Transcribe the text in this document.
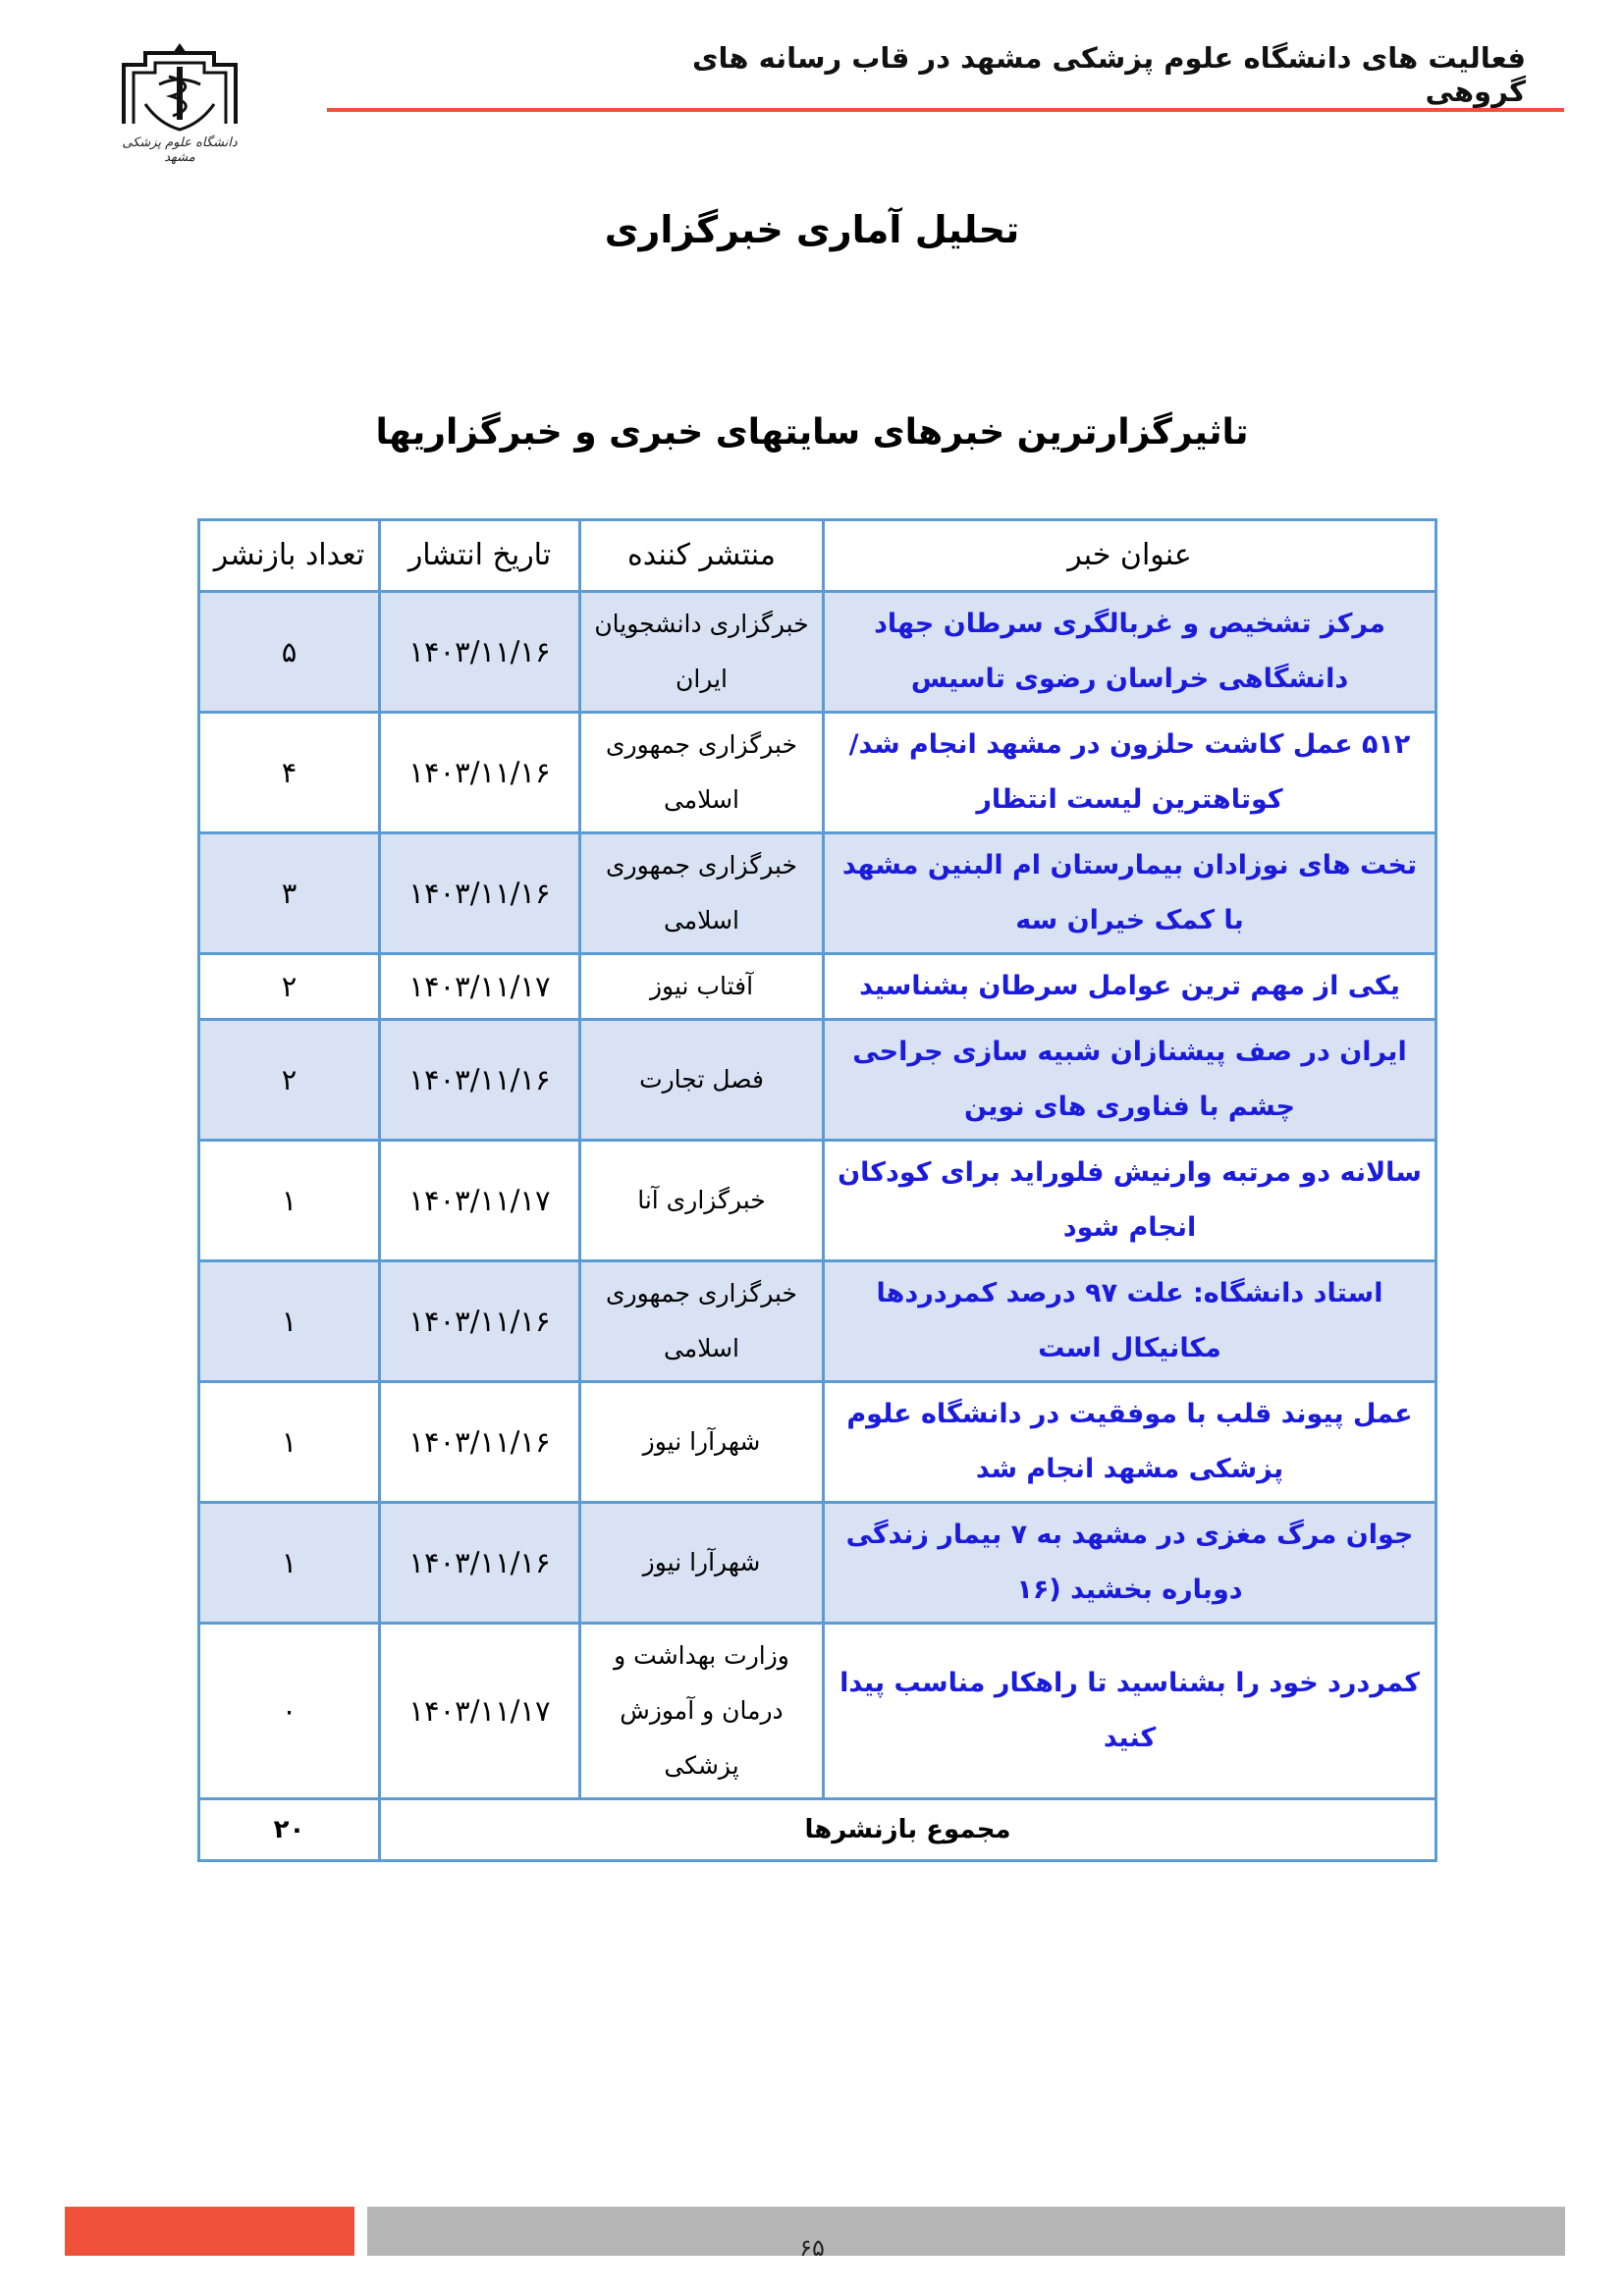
فعالیت های دانشگاه علوم پزشکی مشهد در قاب رسانه های گروهی
دانشگاه علوم پزشکی مشهد
تحلیل آماری خبرگزاری
تاثیرگزارترین خبرهای سایتهای خبری و خبرگزاریها
عنوان خبر	منتشر کننده	تاریخ انتشار	تعداد بازنشر
مرکز تشخیص و غربالگری سرطان جهاد دانشگاهی خراسان رضوی تاسیس	خبرگزاری دانشجویان ایران	۱۴۰۳/۱۱/۱۶	۵
۵۱۲ عمل کاشت حلزون در مشهد انجام شد/کوتاهترین لیست انتظار	خبرگزاری جمهوری اسلامی	۱۴۰۳/۱۱/۱۶	۴
تخت های نوزادان بیمارستان ام البنین مشهد با کمک خیران سه	خبرگزاری جمهوری اسلامی	۱۴۰۳/۱۱/۱۶	۳
یکی از مهم ترین عوامل سرطان بشناسید	آفتاب نیوز	۱۴۰۳/۱۱/۱۷	۲
ایران در صف پیشنازان شبیه سازی جراحی چشم با فناوری های نوین	فصل تجارت	۱۴۰۳/۱۱/۱۶	۲
سالانه دو مرتبه وارنیش فلوراید برای کودکان انجام شود	خبرگزاری آنا	۱۴۰۳/۱۱/۱۷	۱
استاد دانشگاه: علت ۹۷ درصد کمردردها مکانیکال است	خبرگزاری جمهوری اسلامی	۱۴۰۳/۱۱/۱۶	۱
عمل پیوند قلب با موفقیت در دانشگاه علوم پزشکی مشهد انجام شد	شهرآرا نیوز	۱۴۰۳/۱۱/۱۶	۱
جوان مرگ مغزی در مشهد به ۷ بیمار زندگی دوباره بخشید (۱۶	شهرآرا نیوز	۱۴۰۳/۱۱/۱۶	۱
کمردرد خود را بشناسید تا راهکار مناسب پیدا کنید	وزارت بهداشت و درمان و آموزش پزشکی	۱۴۰۳/۱۱/۱۷	۰
مجموع بازنشرها			۲۰
۶۵
